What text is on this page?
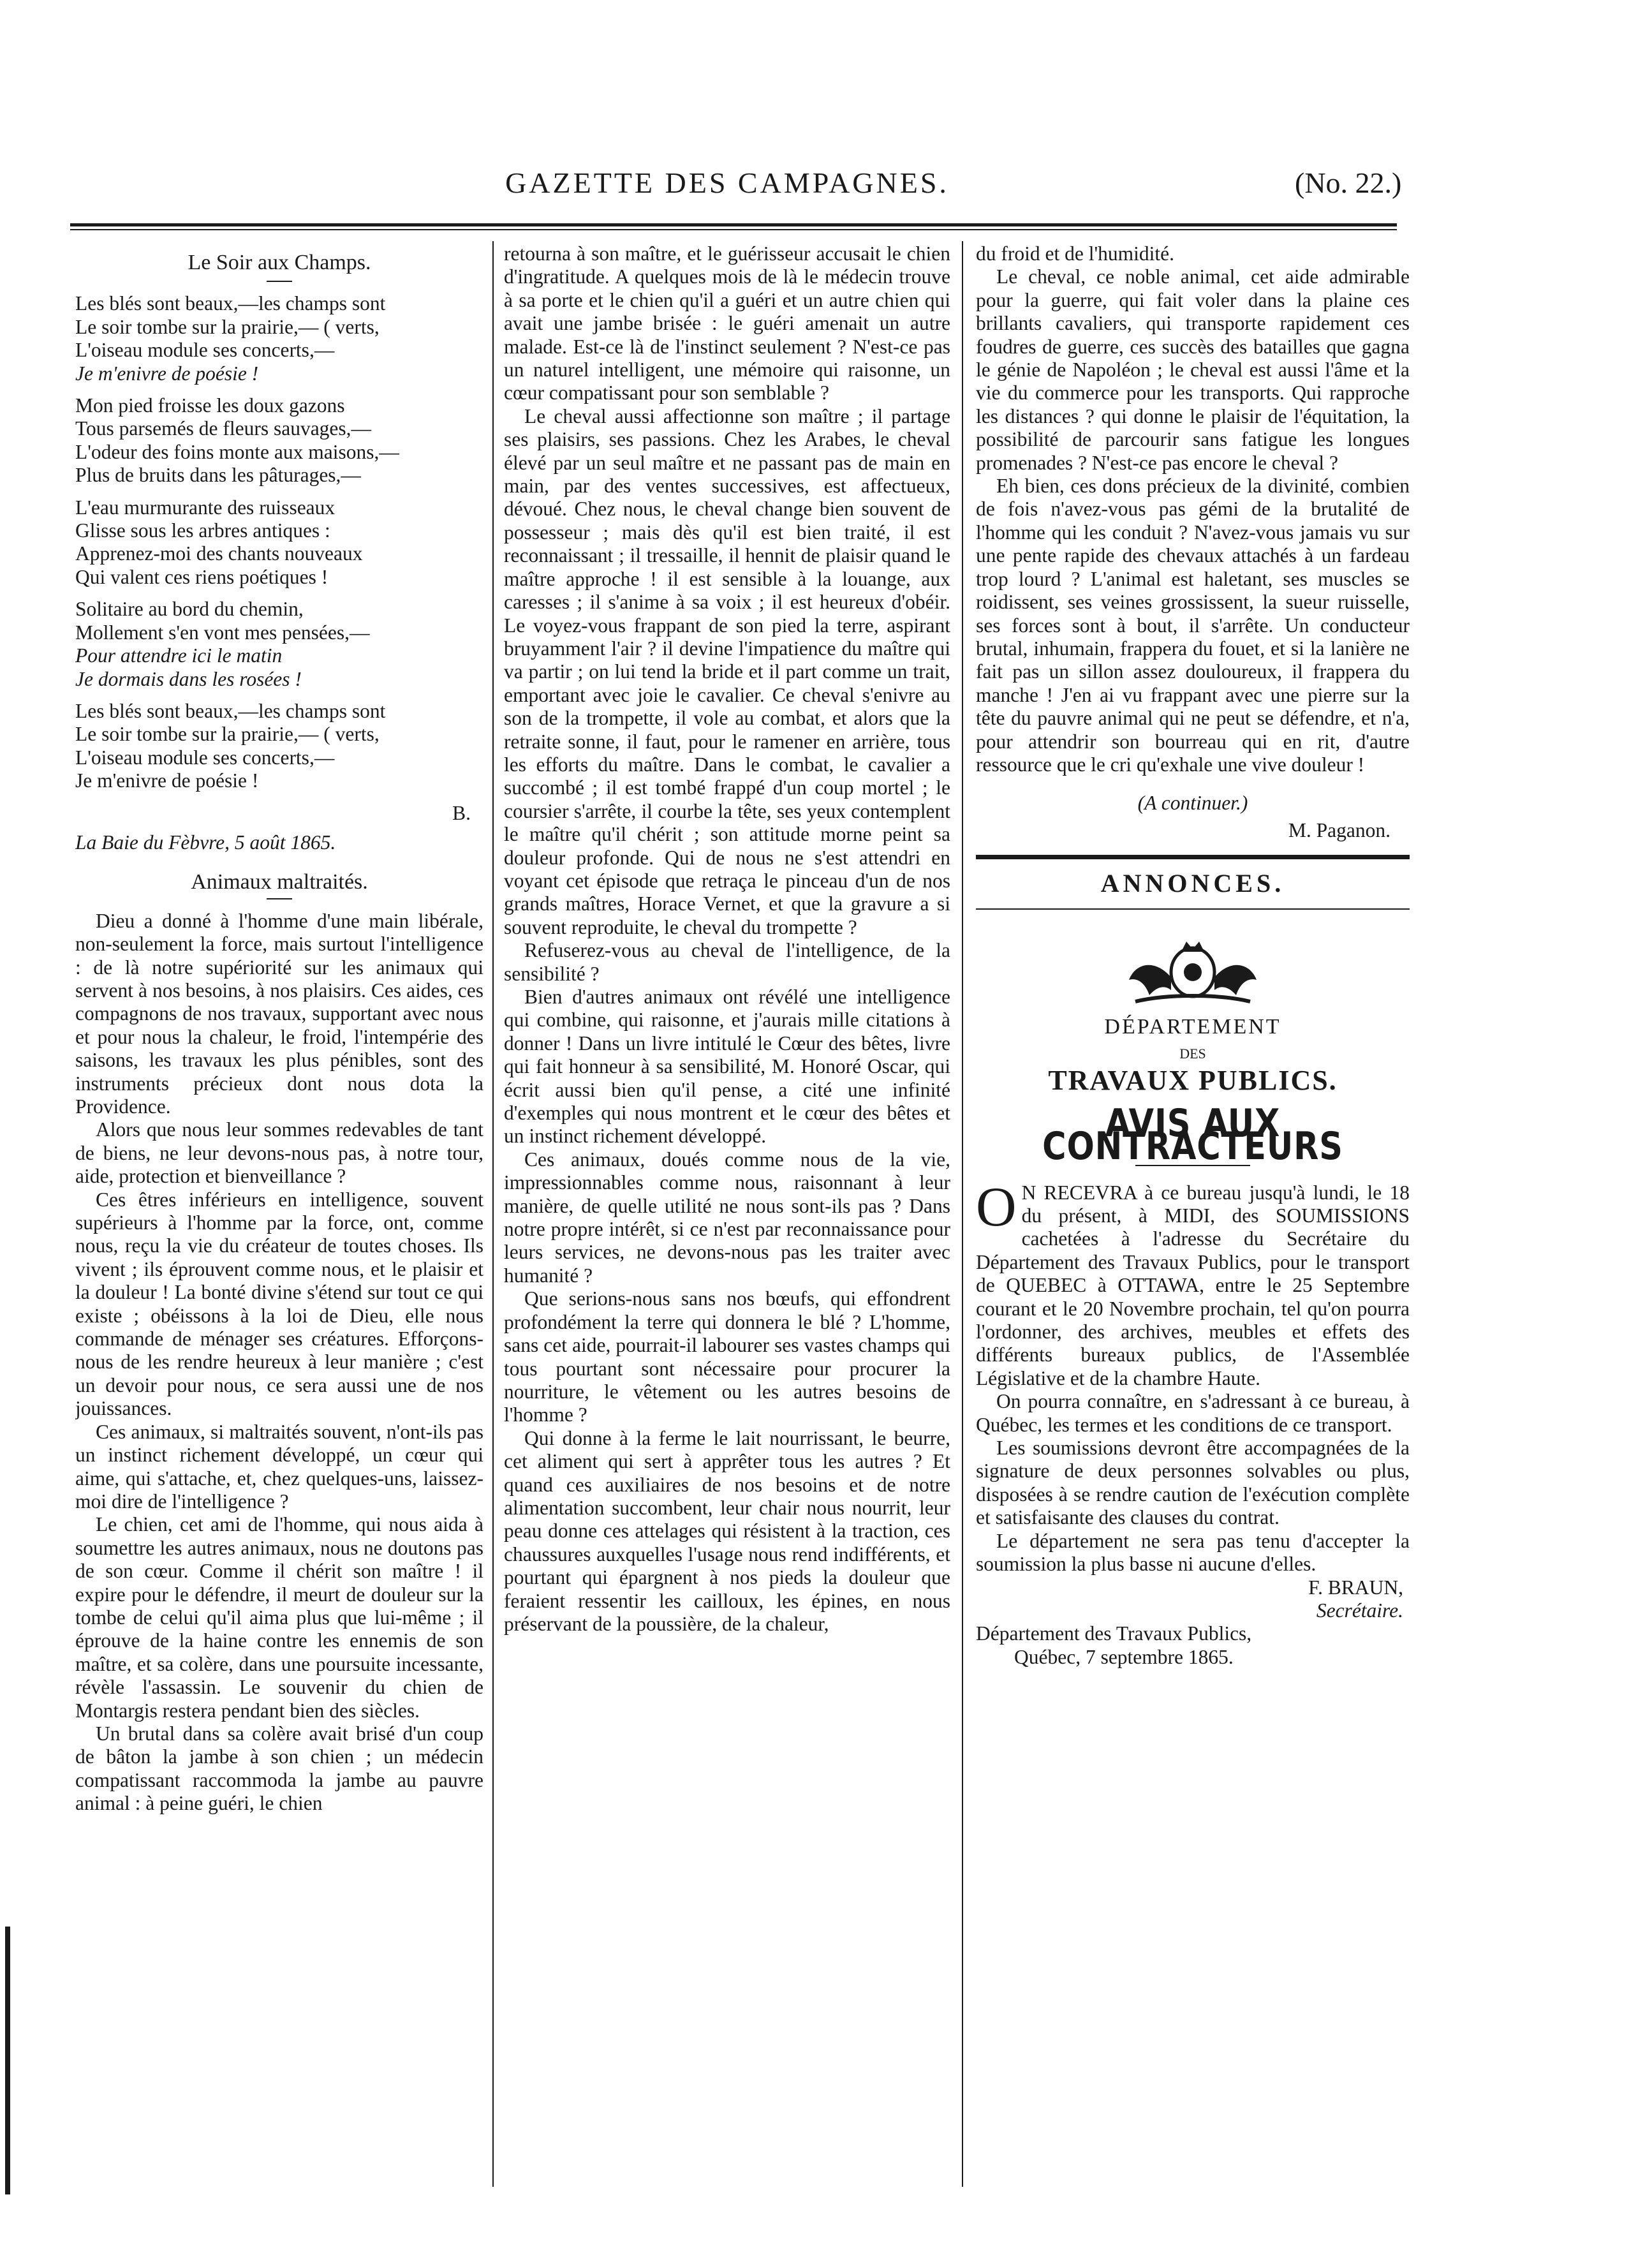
GAZETTE DES CAMPAGNES.	(No. 22.)
Le Soir aux Champs.
Les blés sont beaux,—les champs sont
Le soir tombe sur la prairie,— ( verts,
L'oiseau module ses concerts,—
Je m'enivre de poésie !
Mon pied froisse les doux gazons
Tous parsemés de fleurs sauvages,—
L'odeur des foins monte aux maisons,—
Plus de bruits dans les pâturages,—
L'eau murmurante des ruisseaux
Glisse sous les arbres antiques :
Apprenez-moi des chants nouveaux
Qui valent ces riens poétiques !
Solitaire au bord du chemin,
Mollement s'en vont mes pensées,—
Pour attendre ici le matin
Je dormais dans les rosées !
Les blés sont beaux,—les champs sont
Le soir tombe sur la prairie,— ( verts,
L'oiseau module ses concerts,—
Je m'enivre de poésie !
B.
La Baie du Fèbvre, 5 août 1865.
Animaux maltraités.

Dieu a donné à l'homme d'une main libérale, non-seulement la force, mais surtout l'intelligence : de là notre supériorité sur les animaux qui servent à nos besoins, à nos plaisirs. Ces aides, ces compagnons de nos travaux, supportant avec nous et pour nous la chaleur, le froid, l'intempérie des saisons, les travaux les plus pénibles, sont des instruments précieux dont nous dota la Providence.

Alors que nous leur sommes redevables de tant de biens, ne leur devons-nous pas, à notre tour, aide, protection et bienveillance ?

Ces êtres inférieurs en intelligence, souvent supérieurs à l'homme par la force, ont, comme nous, reçu la vie du créateur de toutes choses. Ils vivent ; ils éprouvent comme nous, et le plaisir et la douleur ! La bonté divine s'étend sur tout ce qui existe ; obéissons à la loi de Dieu, elle nous commande de ménager ses créatures. Efforçons-nous de les rendre heureux à leur manière ; c'est un devoir pour nous, ce sera aussi une de nos jouissances.

Ces animaux, si maltraités souvent, n'ont-ils pas un instinct richement développé, un cœur qui aime, qui s'attache, et, chez quelques-uns, laissez-moi dire de l'intelligence ?

Le chien, cet ami de l'homme, qui nous aida à soumettre les autres animaux, nous ne doutons pas de son cœur. Comme il chérit son maître ! il expire pour le défendre, il meurt de douleur sur la tombe de celui qu'il aima plus que lui-même ; il éprouve de la haine contre les ennemis de son maître, et sa colère, dans une poursuite incessante, révèle l'assassin. Le souvenir du chien de Montargis restera pendant bien des siècles.

Un brutal dans sa colère avait brisé d'un coup de bâton la jambe à son chien ; un médecin compatissant raccommoda la jambe au pauvre animal : à peine guéri, le chien

retourna à son maître, et le guérisseur accusait le chien d'ingratitude. A quelques mois de là le médecin trouve à sa porte et le chien qu'il a guéri et un autre chien qui avait une jambe brisée : le guéri amenait un autre malade. Est-ce là de l'instinct seulement ? N'est-ce pas un naturel intelligent, une mémoire qui raisonne, un cœur compatissant pour son semblable ?

Le cheval aussi affectionne son maître ; il partage ses plaisirs, ses passions. Chez les Arabes, le cheval élevé par un seul maître et ne passant pas de main en main, par des ventes successives, est affectueux, dévoué. Chez nous, le cheval change bien souvent de possesseur ; mais dès qu'il est bien traité, il est reconnaissant ; il tressaille, il hennit de plaisir quand le maître approche ! il est sensible à la louange, aux caresses ; il s'anime à sa voix ; il est heureux d'obéir. Le voyez-vous frappant de son pied la terre, aspirant bruyamment l'air ? il devine l'impatience du maître qui va partir ; on lui tend la bride et il part comme un trait, emportant avec joie le cavalier. Ce cheval s'enivre au son de la trompette, il vole au combat, et alors que la retraite sonne, il faut, pour le ramener en arrière, tous les efforts du maître. Dans le combat, le cavalier a succombé ; il est tombé frappé d'un coup mortel ; le coursier s'arrête, il courbe la tête, ses yeux contemplent le maître qu'il chérit ; son attitude morne peint sa douleur profonde. Qui de nous ne s'est attendri en voyant cet épisode que retraça le pinceau d'un de nos grands maîtres, Horace Vernet, et que la gravure a si souvent reproduite, le cheval du trompette ?

Refuserez-vous au cheval de l'intelligence, de la sensibilité ?

Bien d'autres animaux ont révélé une intelligence qui combine, qui raisonne, et j'aurais mille citations à donner ! Dans un livre intitulé le Cœur des bêtes, livre qui fait honneur à sa sensibilité, M. Honoré Oscar, qui écrit aussi bien qu'il pense, a cité une infinité d'exemples qui nous montrent et le cœur des bêtes et un instinct richement développé.

Ces animaux, doués comme nous de la vie, impressionnables comme nous, raisonnant à leur manière, de quelle utilité ne nous sont-ils pas ? Dans notre propre intérêt, si ce n'est par reconnaissance pour leurs services, ne devons-nous pas les traiter avec humanité ?

Que serions-nous sans nos bœufs, qui effondrent profondément la terre qui donnera le blé ? L'homme, sans cet aide, pourrait-il labourer ses vastes champs qui tous pourtant sont nécessaire pour procurer la nourriture, le vêtement ou les autres besoins de l'homme ?

Qui donne à la ferme le lait nourrissant, le beurre, cet aliment qui sert à apprêter tous les autres ? Et quand ces auxiliaires de nos besoins et de notre alimentation succombent, leur chair nous nourrit, leur peau donne ces attelages qui résistent à la traction, ces chaussures auxquelles l'usage nous rend indifférents, et pourtant qui épargnent à nos pieds la douleur que feraient ressentir les cailloux, les épines, en nous préservant de la poussière, de la chaleur,

du froid et de l'humidité.

Le cheval, ce noble animal, cet aide admirable pour la guerre, qui fait voler dans la plaine ces brillants cavaliers, qui transporte rapidement ces foudres de guerre, ces succès des batailles que gagna le génie de Napoléon ; le cheval est aussi l'âme et la vie du commerce pour les transports. Qui rapproche les distances ? qui donne le plaisir de l'équitation, la possibilité de parcourir sans fatigue les longues promenades ? N'est-ce pas encore le cheval ?

Eh bien, ces dons précieux de la divinité, combien de fois n'avez-vous pas gémi de la brutalité de l'homme qui les conduit ? N'avez-vous jamais vu sur une pente rapide des chevaux attachés à un fardeau trop lourd ? L'animal est haletant, ses muscles se roidissent, ses veines grossissent, la sueur ruisselle, ses forces sont à bout, il s'arrête. Un conducteur brutal, inhumain, frappera du fouet, et si la lanière ne fait pas un sillon assez douloureux, il frappera du manche ! J'en ai vu frappant avec une pierre sur la tête du pauvre animal qui ne peut se défendre, et n'a, pour attendrir son bourreau qui en rit, d'autre ressource que le cri qu'exhale une vive douleur !

(A continuer.)
M. Paganon.
ANNONCES.
DÉPARTEMENT
DES
TRAVAUX PUBLICS.
AVIS AUX CONTRACTEURS

O N RECEVRA à ce bureau jusqu'à lundi, le 18 du présent, à MIDI, des SOUMISSIONS cachetées à l'adresse du Secrétaire du Département des Travaux Publics, pour le transport de QUEBEC à OTTAWA, entre le 25 Septembre courant et le 20 Novembre prochain, tel qu'on pourra l'ordonner, des archives, meubles et effets des différents bureaux publics, de l'Assemblée Législative et de la chambre Haute.

On pourra connaître, en s'adressant à ce bureau, à Québec, les termes et les conditions de ce transport.

Les soumissions devront être accompagnées de la signature de deux personnes solvables ou plus, disposées à se rendre caution de l'exécution complète et satisfaisante des clauses du contrat.

Le département ne sera pas tenu d'accepter la soumission la plus basse ni aucune d'elles.

F. BRAUN,
Secrétaire.
Département des Travaux Publics,
Québec, 7 septembre 1865.
